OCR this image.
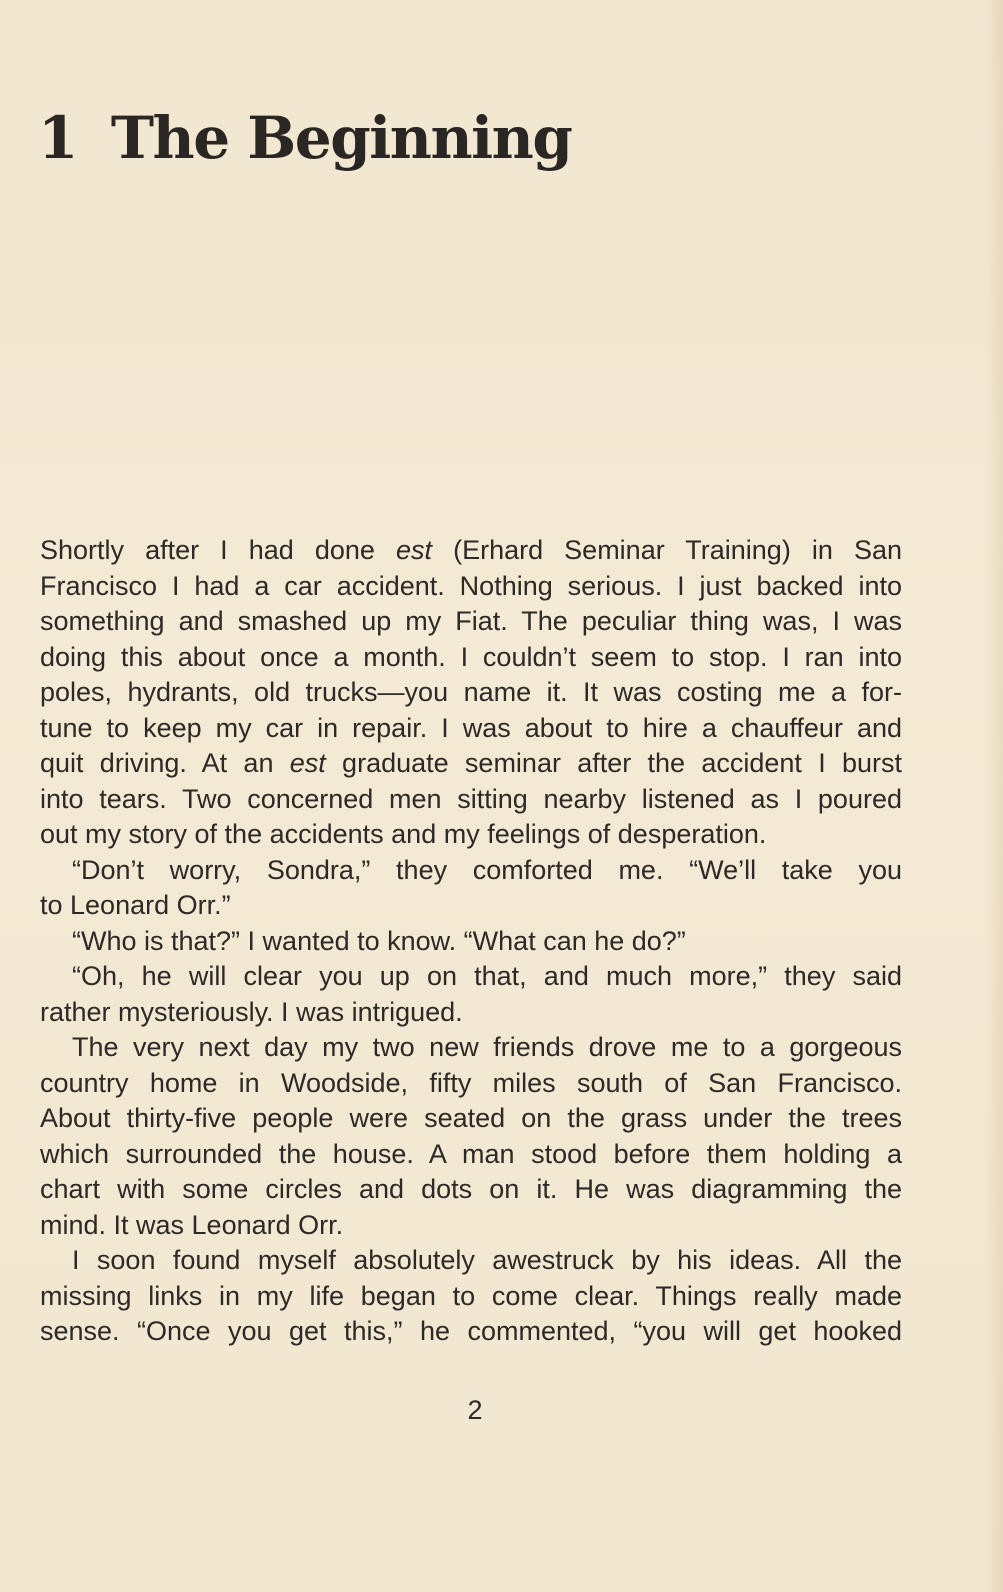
1 The Beginning
Shortly after I had done est (Erhard Seminar Training) in San
Francisco I had a car accident. Nothing serious. I just backed into
something and smashed up my Fiat. The peculiar thing was, I was
doing this about once a month. I couldn’t seem to stop. I ran into
poles, hydrants, old trucks—you name it. It was costing me a for-
tune to keep my car in repair. I was about to hire a chauffeur and
quit driving. At an est graduate seminar after the accident I burst
into tears. Two concerned men sitting nearby listened as I poured
out my story of the accidents and my feelings of desperation.
“Don’t worry, Sondra,” they comforted me. “We’ll take you
to Leonard Orr.”
“Who is that?” I wanted to know. “What can he do?”
“Oh, he will clear you up on that, and much more,” they said
rather mysteriously. I was intrigued.
The very next day my two new friends drove me to a gorgeous
country home in Woodside, fifty miles south of San Francisco.
About thirty-five people were seated on the grass under the trees
which surrounded the house. A man stood before them holding a
chart with some circles and dots on it. He was diagramming the
mind. It was Leonard Orr.
I soon found myself absolutely awestruck by his ideas. All the
missing links in my life began to come clear. Things really made
sense. “Once you get this,” he commented, “you will get hooked
2
